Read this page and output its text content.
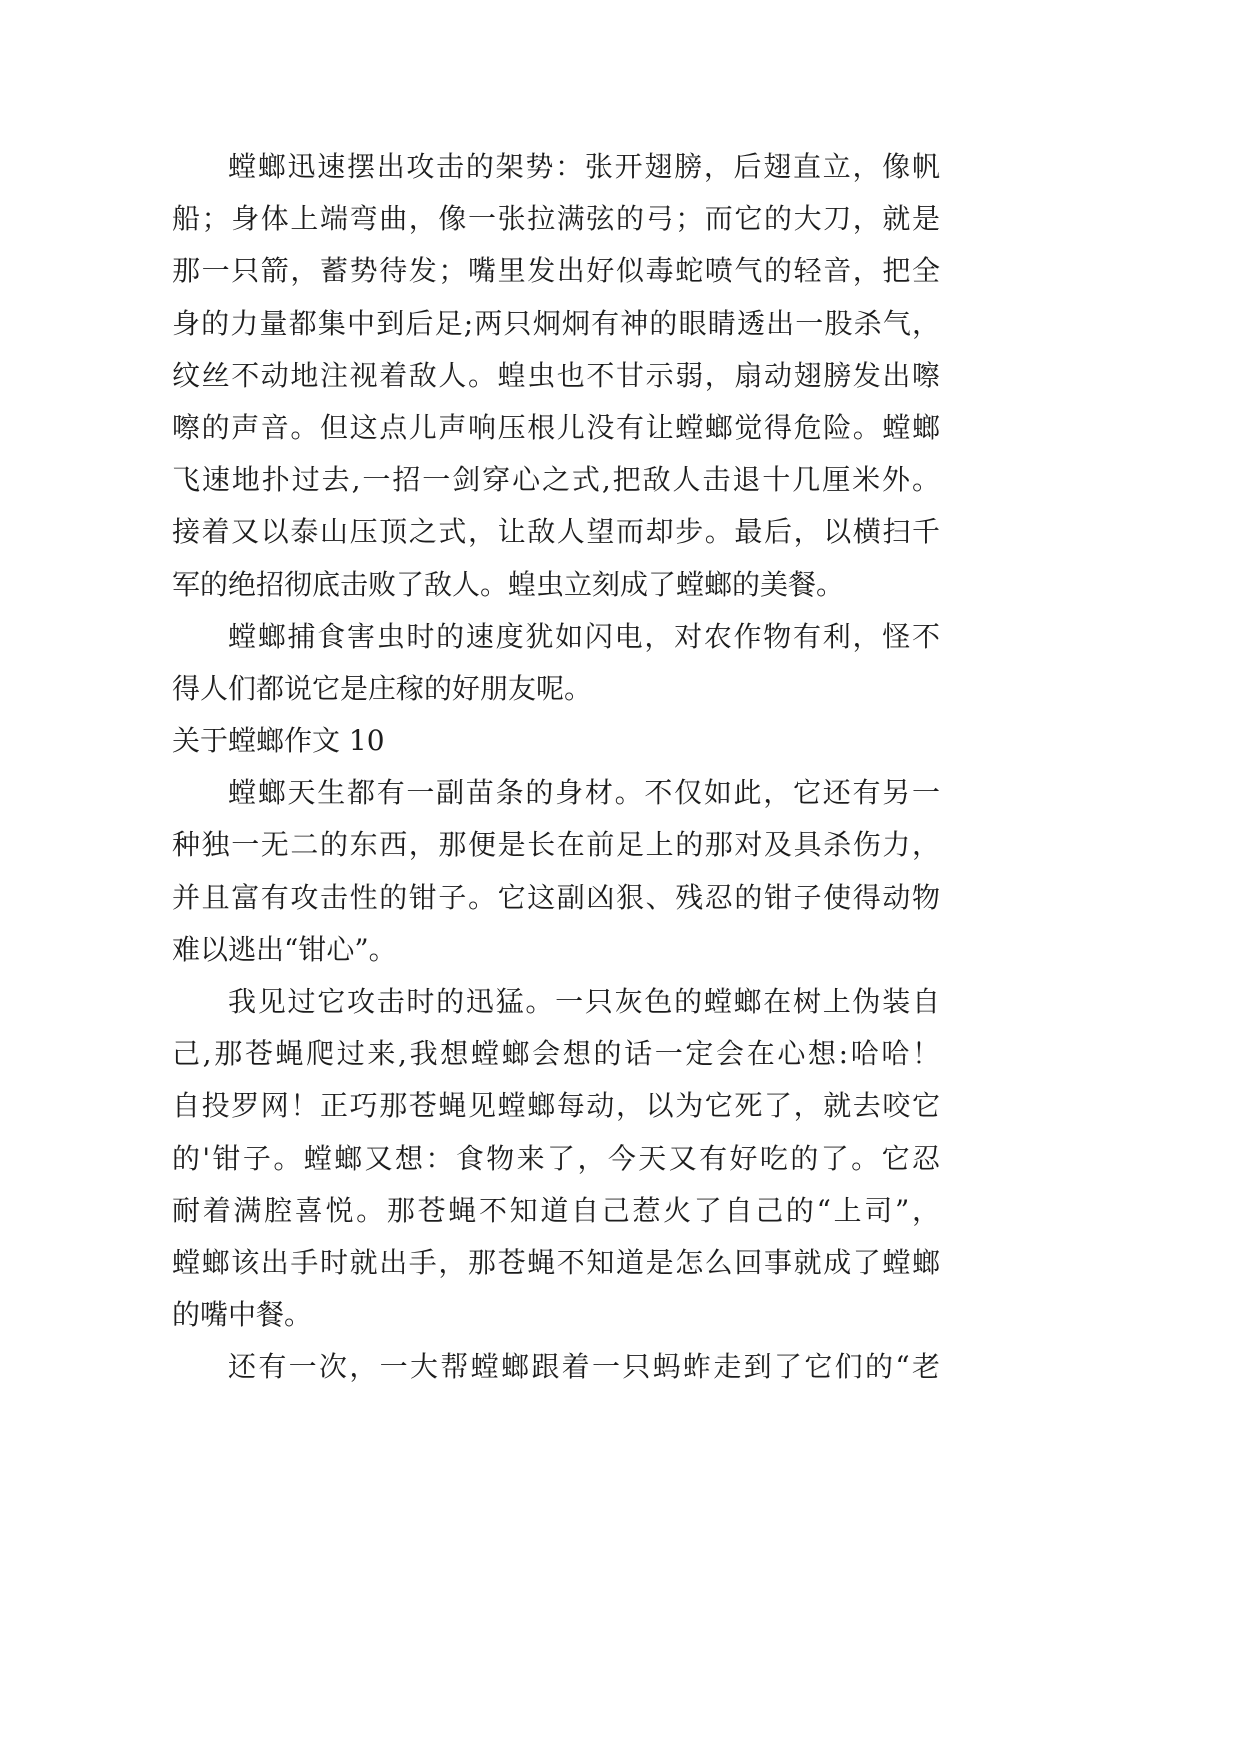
螳螂迅速摆出攻击的架势：张开翅膀，后翅直立，像帆
船；身体上端弯曲，像一张拉满弦的弓；而它的大刀，就是
那一只箭，蓄势待发；嘴里发出好似毒蛇喷气的轻音，把全
身的力量都集中到后足;两只炯炯有神的眼睛透出一股杀气，
纹丝不动地注视着敌人。蝗虫也不甘示弱，扇动翅膀发出嚓
嚓的声音。但这点儿声响压根儿没有让螳螂觉得危险。螳螂
飞速地扑过去,一招一剑穿心之式,把敌人击退十几厘米外。
接着又以泰山压顶之式，让敌人望而却步。最后，以横扫千
军的绝招彻底击败了敌人。蝗虫立刻成了螳螂的美餐。
螳螂捕食害虫时的速度犹如闪电，对农作物有利，怪不
得人们都说它是庄稼的好朋友呢。
关于螳螂作文 10
螳螂天生都有一副苗条的身材。不仅如此，它还有另一
种独一无二的东西，那便是长在前足上的那对及具杀伤力，
并且富有攻击性的钳子。它这副凶狠、残忍的钳子使得动物
难以逃出“钳心”。
我见过它攻击时的迅猛。一只灰色的螳螂在树上伪装自
己,那苍蝇爬过来,我想螳螂会想的话一定会在心想:哈哈！
自投罗网！正巧那苍蝇见螳螂每动，以为它死了，就去咬它
的'钳子。螳螂又想：食物来了，今天又有好吃的了。它忍
耐着满腔喜悦。那苍蝇不知道自己惹火了自己的“上司”，
螳螂该出手时就出手，那苍蝇不知道是怎么回事就成了螳螂
的嘴中餐。
还有一次，一大帮螳螂跟着一只蚂蚱走到了它们的“老
